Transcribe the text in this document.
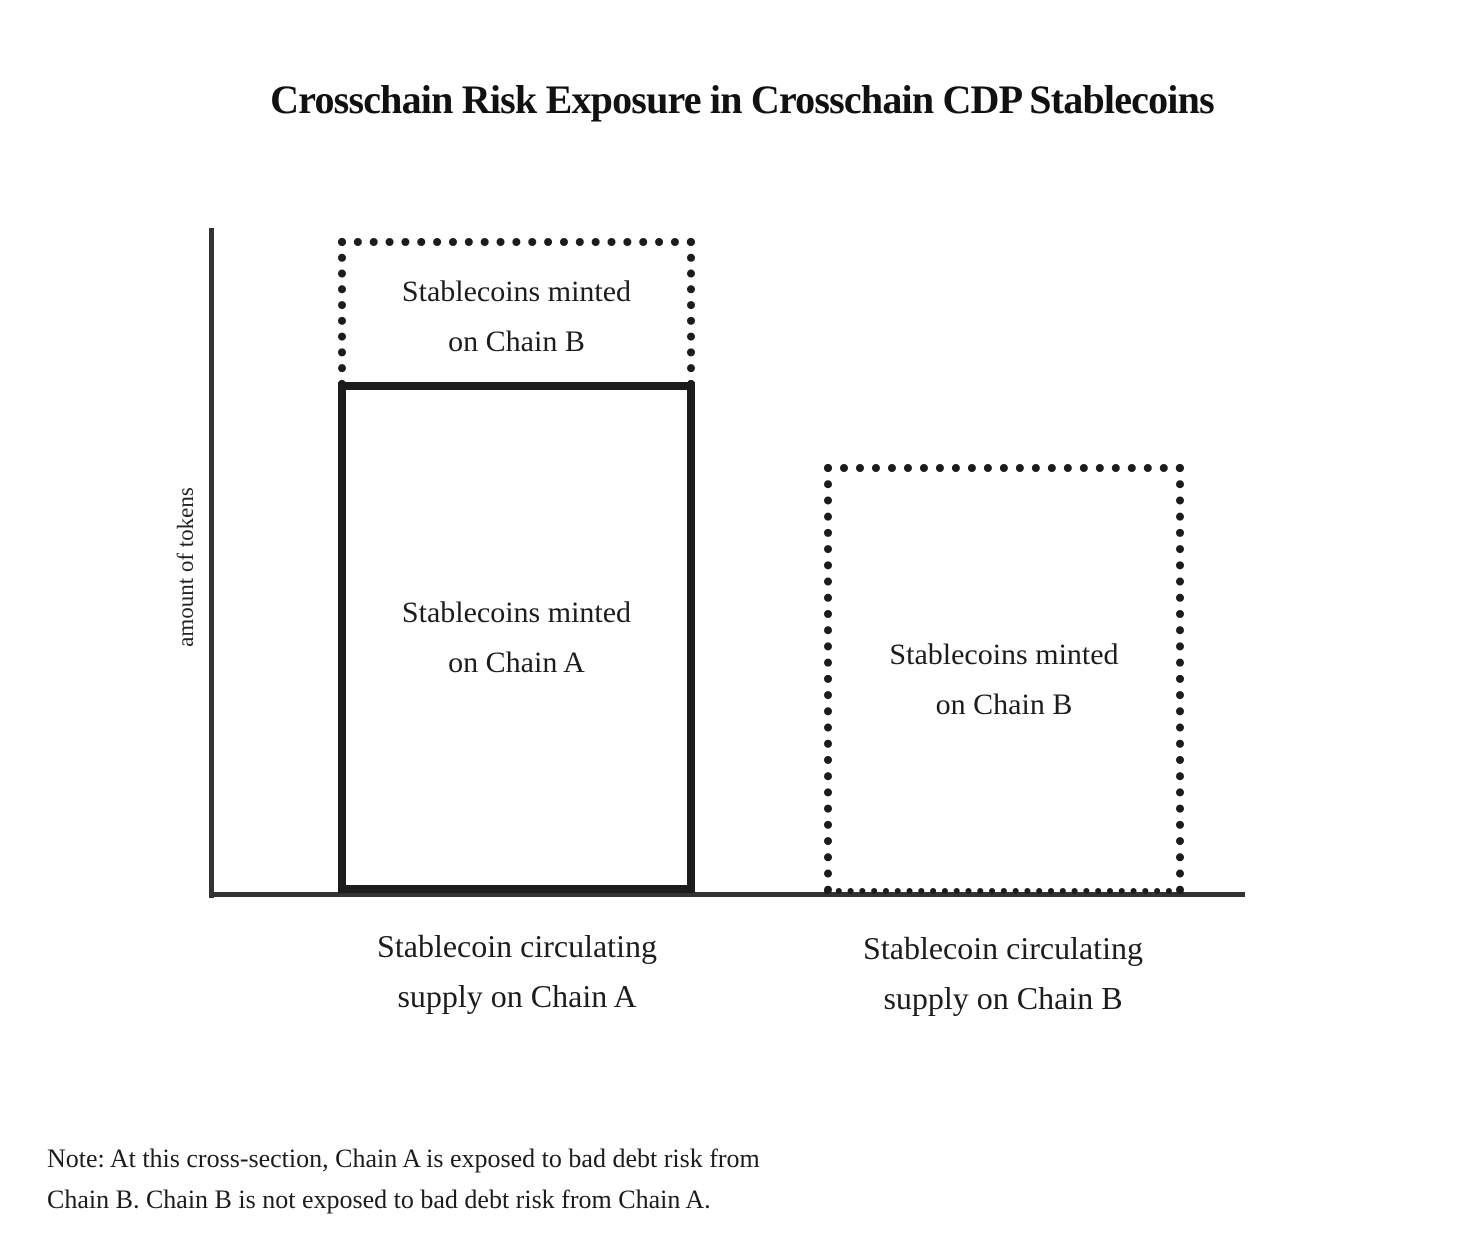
Crosschain Risk Exposure in Crosschain CDP Stablecoins
amount of tokens
Stablecoins minted
on Chain B
Stablecoins minted
on Chain A	Stablecoins minted
on Chain B
Stablecoin circulating
supply on Chain A
Stablecoin circulating
supply on Chain B
Note: At this cross-section, Chain A is exposed to bad debt risk from
Chain B. Chain B is not exposed to bad debt risk from Chain A.
